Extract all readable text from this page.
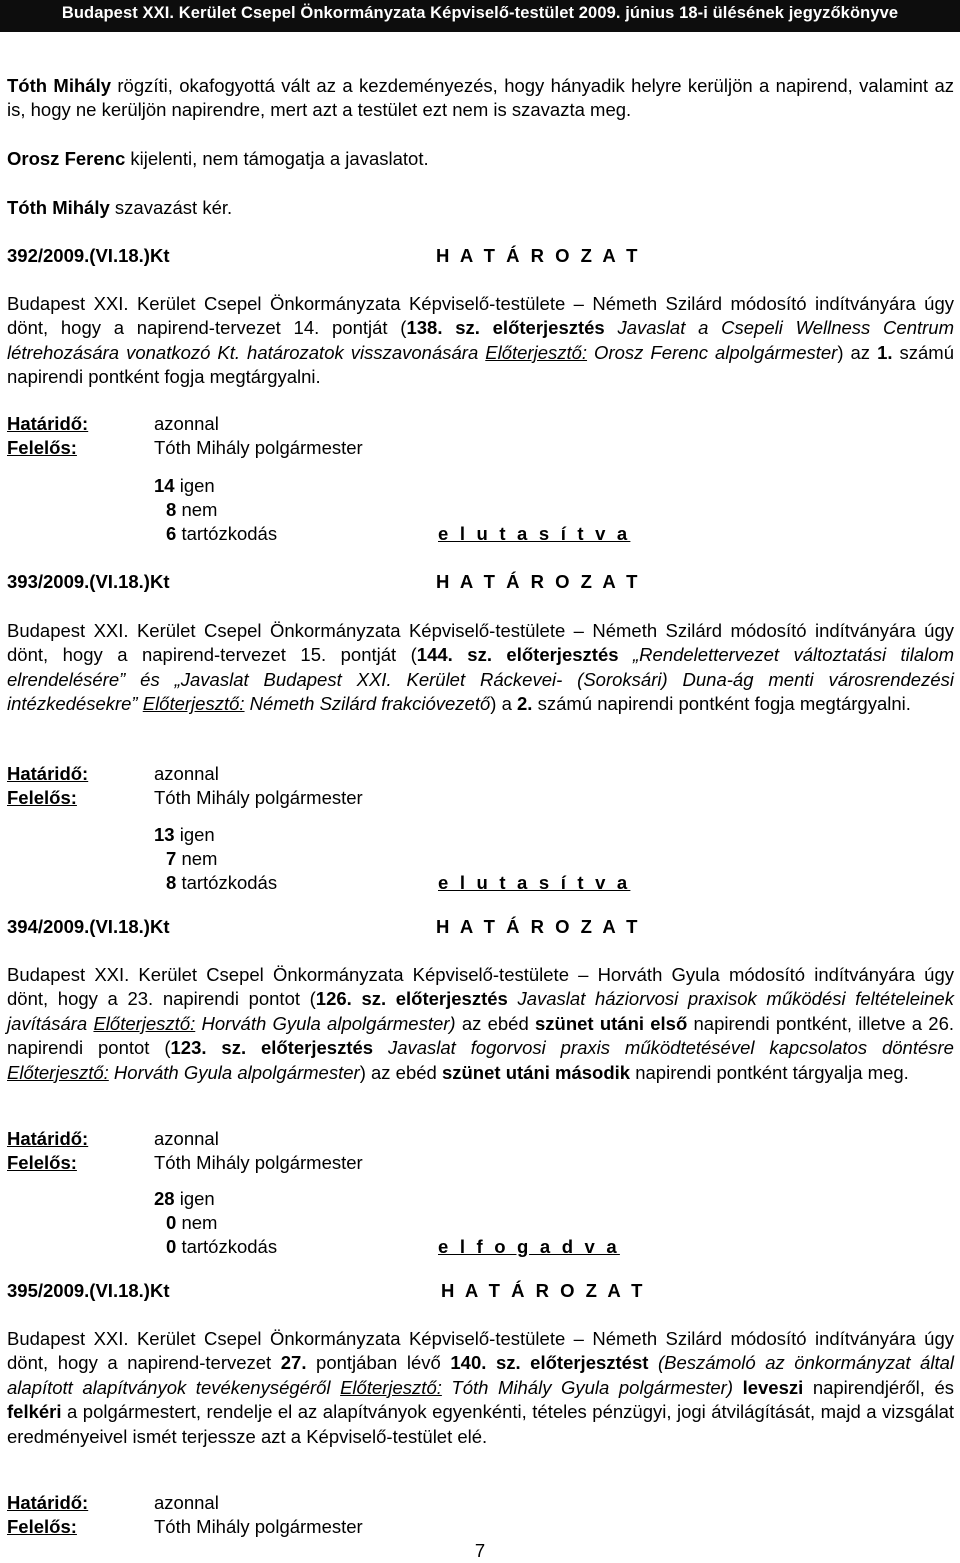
Budapest XXI. Kerület Csepel Önkormányzata Képviselő-testület 2009. június 18-i ülésének jegyzőkönyve

Tóth Mihály rögzíti, okafogyottá vált az a kezdeményezés, hogy hányadik helyre kerüljön a napirend, valamint az is, hogy ne kerüljön napirendre, mert azt a testület ezt nem is szavazta meg.

Orosz Ferenc kijelenti, nem támogatja a javaslatot.

Tóth Mihály szavazást kér.

392/2009.(VI.18.)Kt	H A T Á R O Z A T

Budapest XXI. Kerület Csepel Önkormányzata Képviselő-testülete – Németh Szilárd módosító indítványára úgy dönt, hogy a napirend-tervezet 14. pontját (138. sz. előterjesztés Javaslat a Csepeli Wellness Centrum létrehozására vonatkozó Kt. határozatok visszavonására Előterjesztő: Orosz Ferenc alpolgármester) az 1. számú napirendi pontként fogja megtárgyalni.

Határidő:	azonnal
Felelős:	Tóth Mihály polgármester
14 igen
8 nem
6 tartózkodás	e l u t a s í t v a
393/2009.(VI.18.)Kt	H A T Á R O Z A T

Budapest XXI. Kerület Csepel Önkormányzata Képviselő-testülete – Németh Szilárd módosító indítványára úgy dönt, hogy a napirend-tervezet 15. pontját (144. sz. előterjesztés „Rendelettervezet változtatási tilalom elrendelésére” és „Javaslat Budapest XXI. Kerület Ráckevei- (Soroksári) Duna-ág menti városrendezési intézkedésekre” Előterjesztő: Németh Szilárd frakcióvezető) a 2. számú napirendi pontként fogja megtárgyalni.

Határidő:	azonnal
Felelős:	Tóth Mihály polgármester
13 igen
7 nem
8 tartózkodás	e l u t a s í t v a
394/2009.(VI.18.)Kt	H A T Á R O Z A T

Budapest XXI. Kerület Csepel Önkormányzata Képviselő-testülete – Horváth Gyula módosító indítványára úgy dönt, hogy a 23. napirendi pontot (126. sz. előterjesztés Javaslat háziorvosi praxisok működési feltételeinek javítására Előterjesztő: Horváth Gyula alpolgármester) az ebéd szünet utáni első napirendi pontként, illetve a 26. napirendi pontot (123. sz. előterjesztés Javaslat fogorvosi praxis működtetésével kapcsolatos döntésre Előterjesztő: Horváth Gyula alpolgármester) az ebéd szünet utáni második napirendi pontként tárgyalja meg.

Határidő:	azonnal
Felelős:	Tóth Mihály polgármester
28 igen
0 nem
0 tartózkodás	e l f o g a d v a
395/2009.(VI.18.)Kt	H A T Á R O Z A T

Budapest XXI. Kerület Csepel Önkormányzata Képviselő-testülete – Németh Szilárd módosító indítványára úgy dönt, hogy a napirend-tervezet 27. pontjában lévő 140. sz. előterjesztést (Beszámoló az önkormányzat által alapított alapítványok tevékenységéről Előterjesztő: Tóth Mihály Gyula polgármester) leveszi napirendjéről, és felkéri a polgármestert, rendelje el az alapítványok egyenkénti, tételes pénzügyi, jogi átvilágítását, majd a vizsgálat eredményeivel ismét terjessze azt a Képviselő-testület elé.

Határidő:	azonnal
Felelős:	Tóth Mihály polgármester
7
